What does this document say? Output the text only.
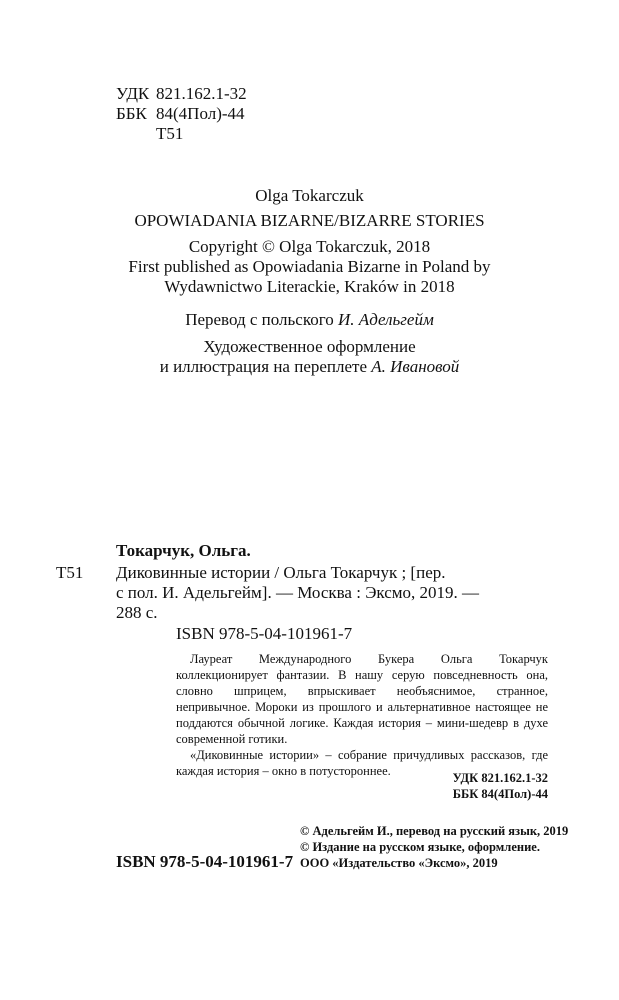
УДК 821.162.1-32
ББК 84(4Пол)-44
Т51
Olga Tokarczuk
OPOWIADANIA BIZARNE/BIZARRE STORIES
Copyright © Olga Tokarczuk, 2018
First published as Opowiadania Bizarne in Poland by
Wydawnictwo Literackie, Kraków in 2018
Перевод с польского И. Адельгейм
Художественное оформление
и иллюстрация на переплете А. Ивановой
Токарчук, Ольга.
Т51 Диковинные истории / Ольга Токарчук ; [пер.
с пол. И. Адельгейм]. — Москва : Эксмо, 2019. —
288 с.
ISBN 978-5-04-101961-7

Лауреат Международного Букера Ольга Токарчук коллекционирует фантазии. В нашу серую повседневность она, словно шприцем, впрыскивает необъяснимое, странное, непривычное. Мороки из прошлого и альтернативное настоящее не поддаются обычной логике. Каждая история – мини-шедевр в духе современной готики.

«Диковинные истории» – собрание причудливых рассказов, где каждая история – окно в потустороннее.	УДК 821.162.1-32
ББК 84(4Пол)-44
© Адельгейм И., перевод на русский язык, 2019
© Издание на русском языке, оформление.
ООО «Издательство «Эксмо», 2019
ISBN 978-5-04-101961-7
